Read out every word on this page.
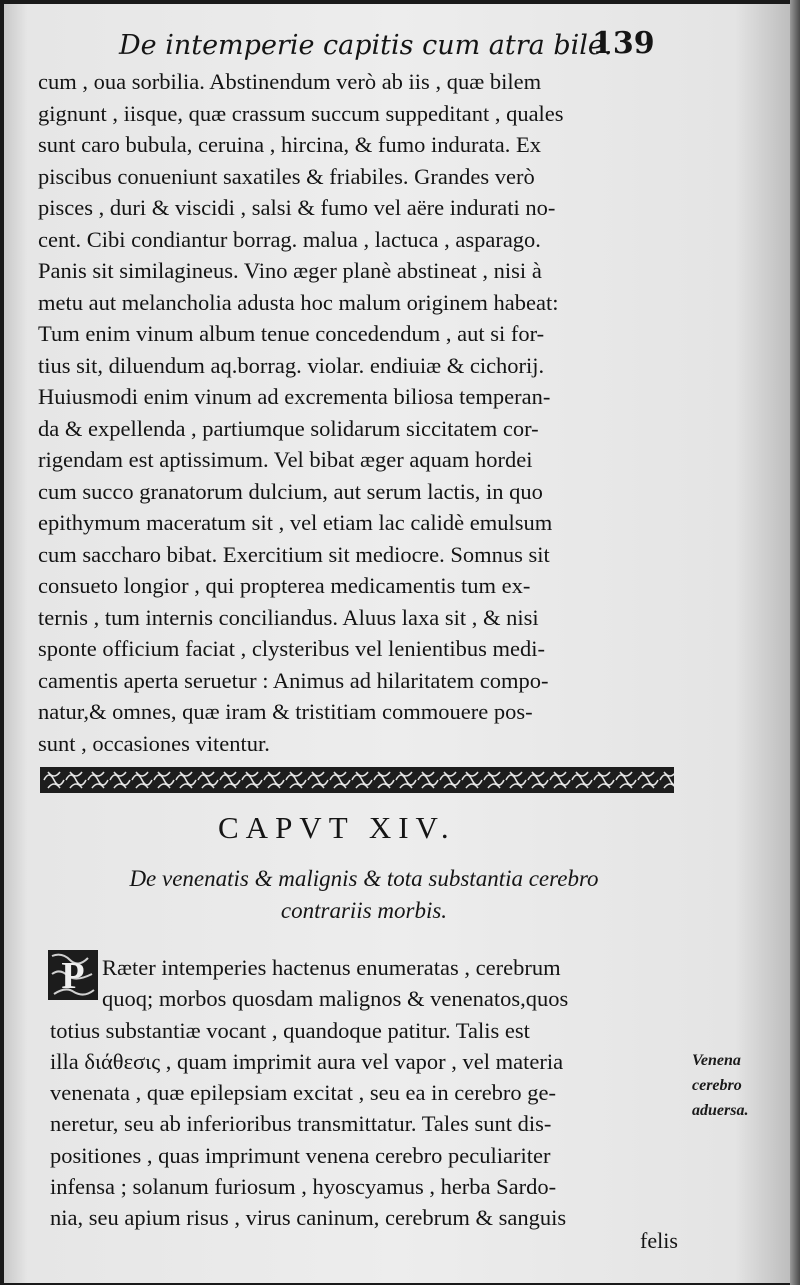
De intemperie capitis cum atra bile.
139
cum , oua sorbilia. Abstinendum verò ab iis , quæ bilem
gignunt , iisque, quæ crassum succum suppeditant , quales
sunt caro bubula, ceruina , hircina, & fumo indurata. Ex
piscibus conueniunt saxatiles & friabiles. Grandes verò
pisces , duri & viscidi , salsi & fumo vel aëre indurati no-
cent. Cibi condiantur borrag. malua , lactuca , asparago.
Panis sit similagineus. Vino æger planè abstineat , nisi à
metu aut melancholia adusta hoc malum originem habeat:
Tum enim vinum album tenue concedendum , aut si for-
tius sit, diluendum aq.borrag. violar. endiuiæ & cichorij.
Huiusmodi enim vinum ad excrementa biliosa temperan-
da & expellenda , partiumque solidarum siccitatem cor-
rigendam est aptissimum. Vel bibat æger aquam hordei
cum succo granatorum dulcium, aut serum lactis, in quo
epithymum maceratum sit , vel etiam lac calidè emulsum
cum saccharo bibat. Exercitium sit mediocre. Somnus sit
consueto longior , qui propterea medicamentis tum ex-
ternis , tum internis conciliandus. Aluus laxa sit , & nisi
sponte officium faciat , clysteribus vel lenientibus medi-
camentis aperta seruetur : Animus ad hilaritatem compo-
natur,& omnes, quæ iram & tristitiam commouere pos-
sunt , occasiones vitentur.
CAPVT XIV.
De venenatis & malignis & tota substantia cerebro
contrariis morbis.
P Ræter intemperies hactenus enumeratas , cerebrum
quoq; morbos quosdam malignos & venenatos,quos
totius substantiæ vocant , quandoque patitur. Talis est
illa διάθεσις , quam imprimit aura vel vapor , vel materia
venenata , quæ epilepsiam excitat , seu ea in cerebro ge-
neretur, seu ab inferioribus transmittatur. Tales sunt dis-
positiones , quas imprimunt venena cerebro peculiariter
infensa ; solanum furiosum , hyoscyamus , herba Sardo-
nia, seu apium risus , virus caninum, cerebrum & sanguis
Venena
cerebro
aduersa.
felis
